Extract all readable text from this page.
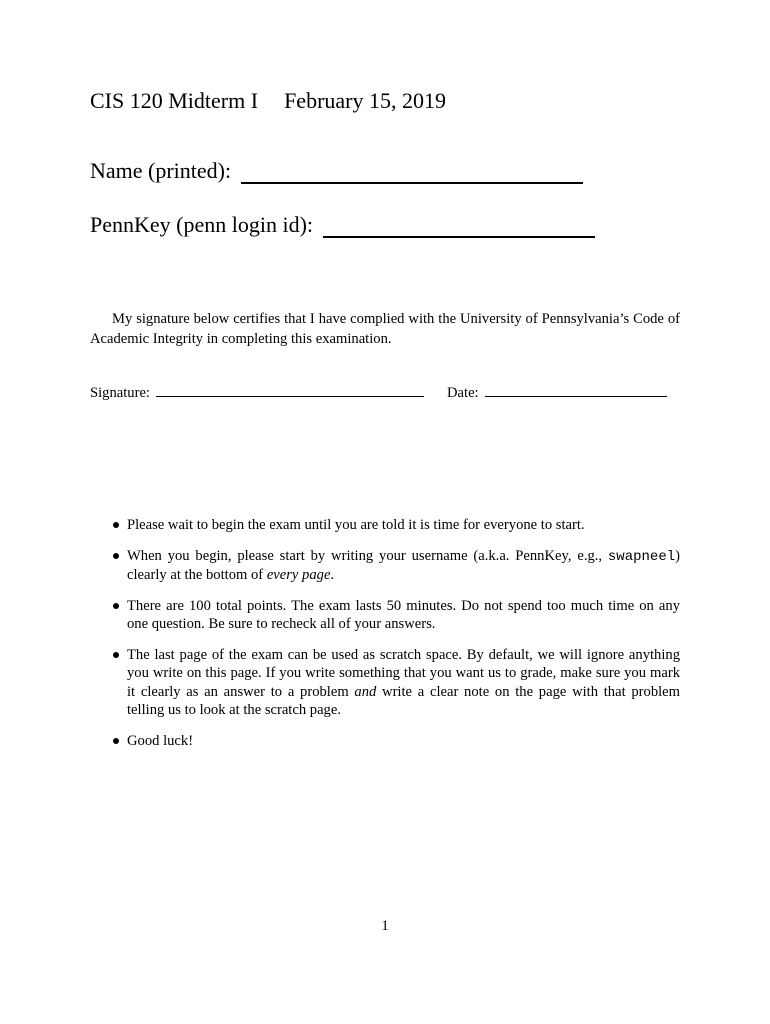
CIS 120 Midterm I February 15, 2019
Name (printed):
PennKey (penn login id):

My signature below certifies that I have complied with the University of Pennsylvania’s Code of Academic Integrity in completing this examination.

Signature:	Date:
Please wait to begin the exam until you are told it is time for everyone to start.
When you begin, please start by writing your username (a.k.a. PennKey, e.g., swapneel) clearly at the bottom of every page.
There are 100 total points. The exam lasts 50 minutes. Do not spend too much time on any one question. Be sure to recheck all of your answers.
The last page of the exam can be used as scratch space. By default, we will ignore anything you write on this page. If you write something that you want us to grade, make sure you mark it clearly as an answer to a problem and write a clear note on the page with that problem telling us to look at the scratch page.
Good luck!
1
